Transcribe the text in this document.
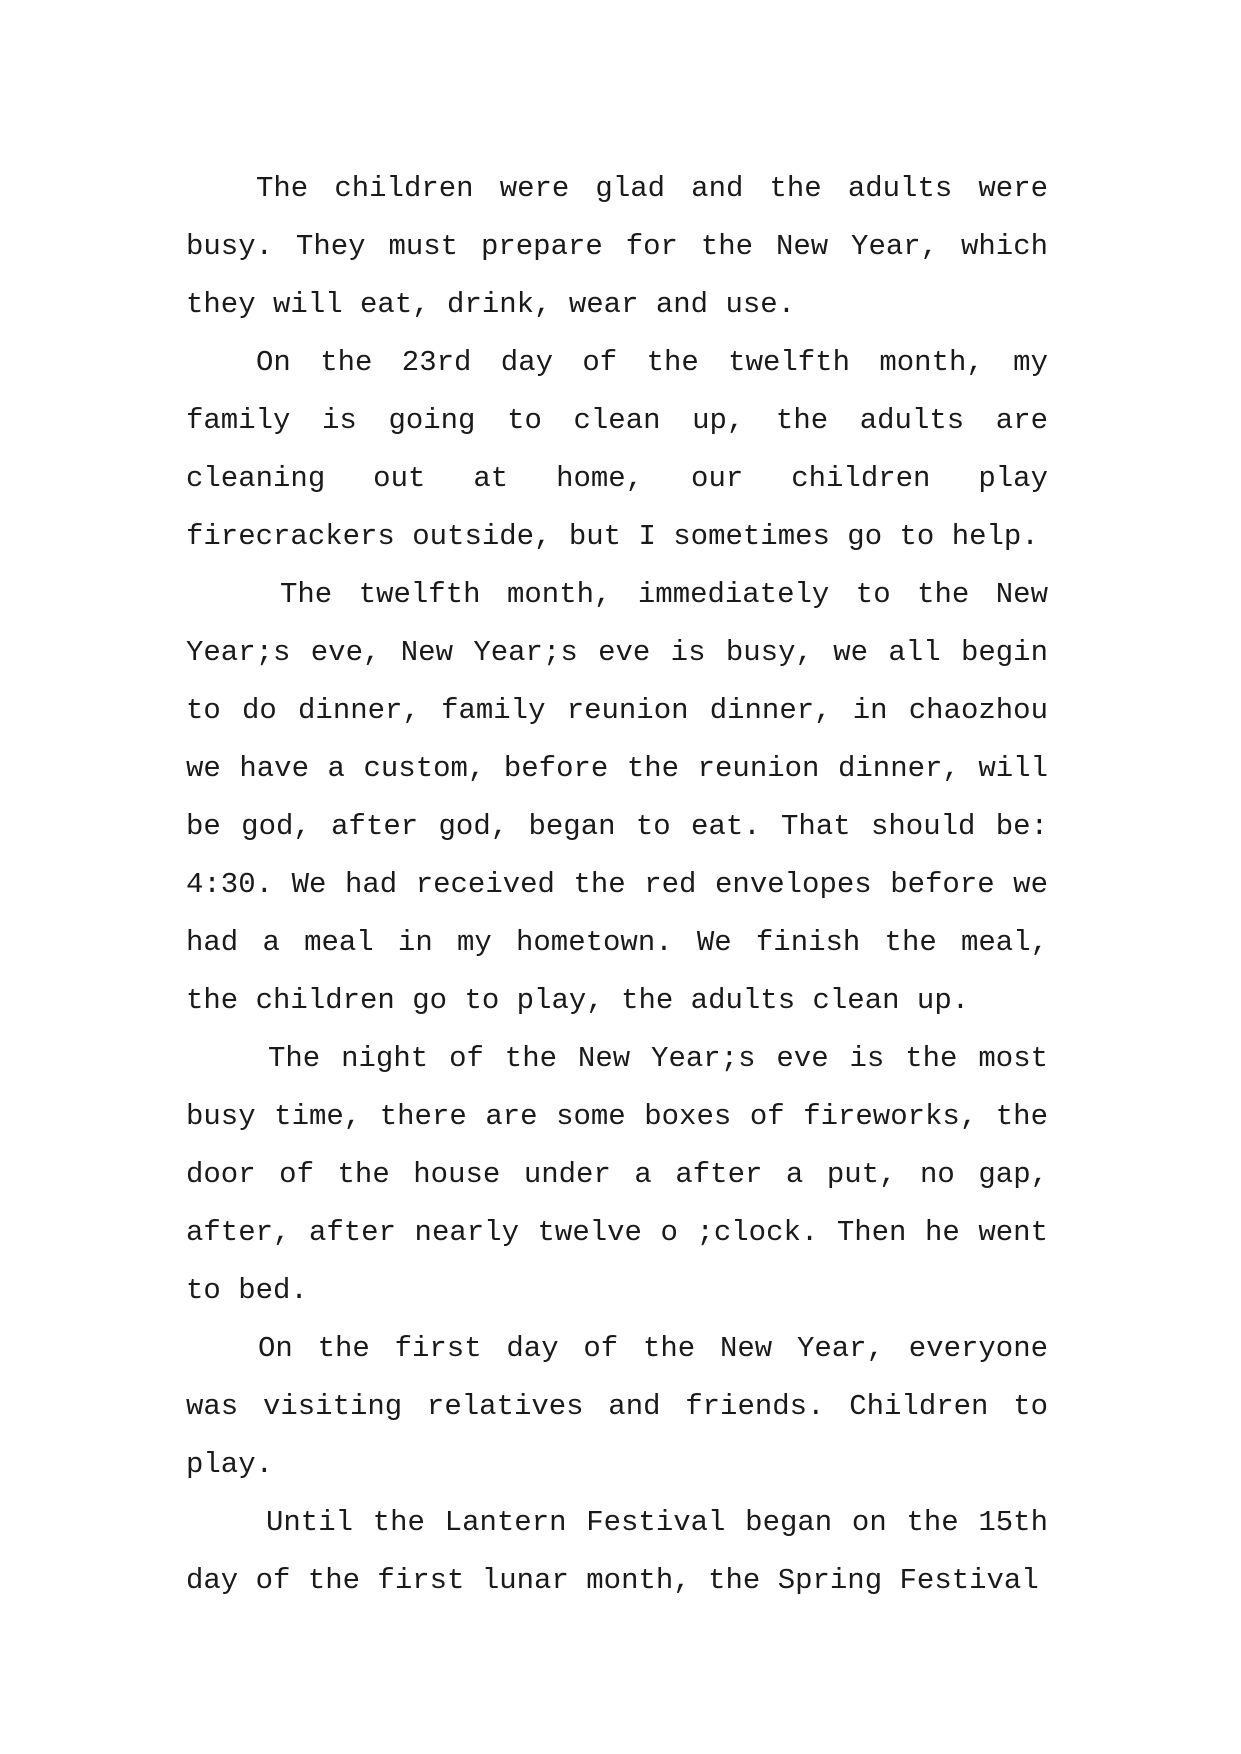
The children were glad and the adults were busy. They must prepare for the New Year, which they will eat, drink, wear and use.

On the 23rd day of the twelfth month, my family is going to clean up, the adults are cleaning out at home, our children play firecrackers outside, but I sometimes go to help.

The twelfth month, immediately to the New Year;s eve, New Year;s eve is busy, we all begin to do dinner, family reunion dinner, in chaozhou we have a custom, before the reunion dinner, will be god, after god, began to eat. That should be: 4:30. We had received the red envelopes before we had a meal in my hometown. We finish the meal, the children go to play, the adults clean up.

The night of the New Year;s eve is the most busy time, there are some boxes of fireworks, the door of the house under a after a put, no gap, after, after nearly twelve o ;clock. Then he went to bed.

On the first day of the New Year, everyone was visiting relatives and friends. Children to play.

Until the Lantern Festival began on the 15th day of the first lunar month, the Spring Festival
